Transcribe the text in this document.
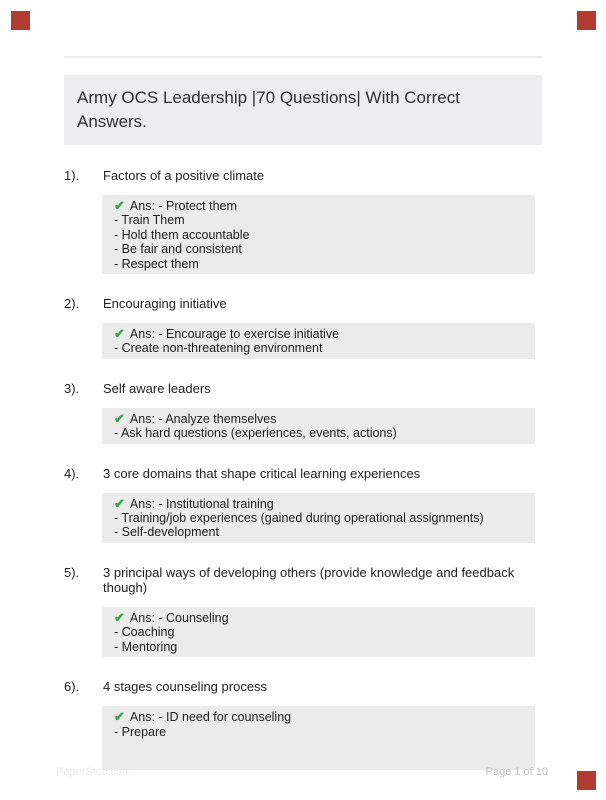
Army OCS Leadership |70 Questions| With Correct Answers.
1).	Factors of a positive climate
✔ Ans: - Protect them
- Train Them
- Hold them accountable
- Be fair and consistent
- Respect them
2).	Encouraging initiative
✔ Ans: - Encourage to exercise initiative
- Create non-threatening environment
3).	Self aware leaders
✔ Ans: - Analyze themselves
- Ask hard questions (experiences, events, actions)
4).	3 core domains that shape critical learning experiences
✔ Ans: - Institutional training
- Training/job experiences (gained during operational assignments)
- Self-development
5).	3 principal ways of developing others (provide knowledge and feedback though)
✔ Ans: - Counseling
- Coaching
- Mentoring
6).	4 stages counseling process
✔ Ans: - ID need for counseling
- Prepare
PaperStoc.com	Page 1 of 10
